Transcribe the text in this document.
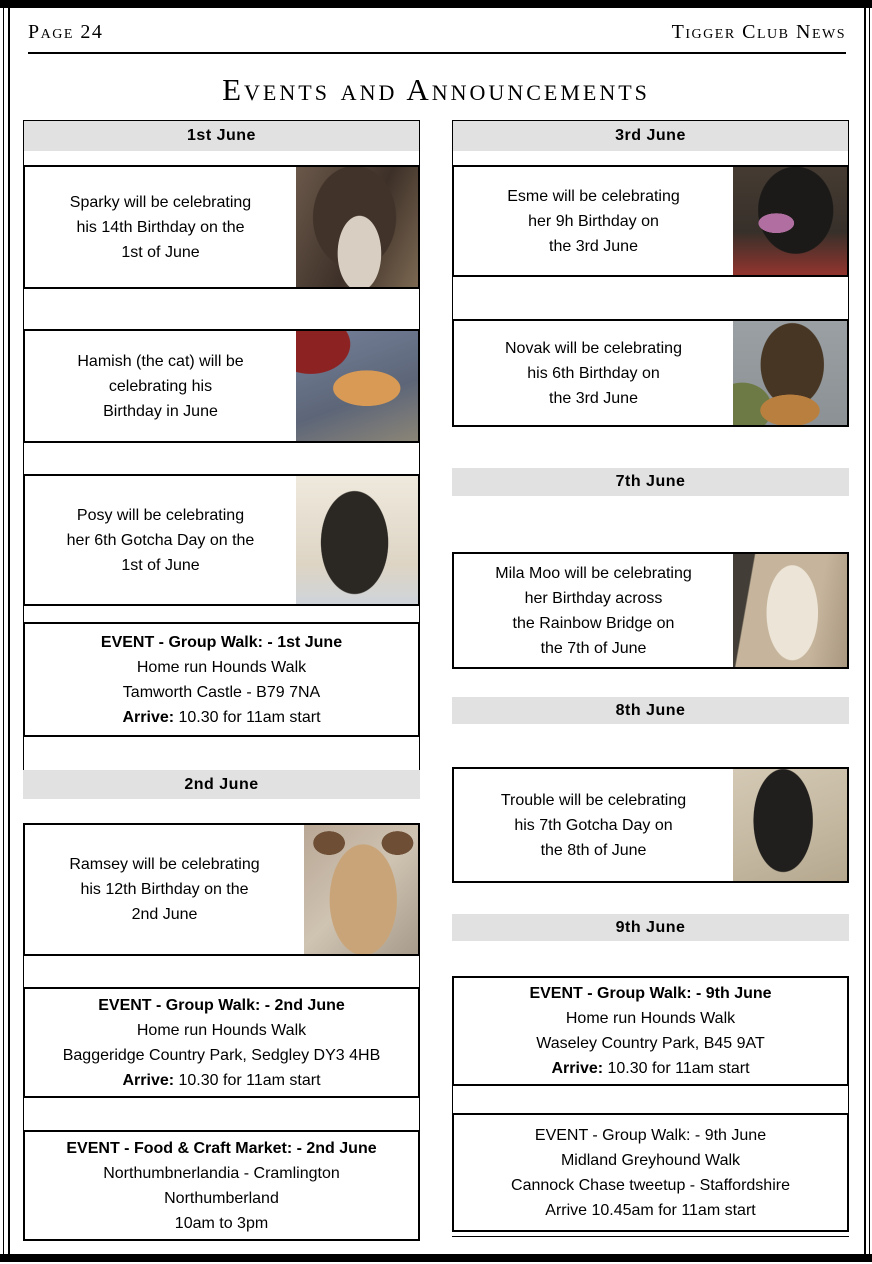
Page 24	Tigger Club News
Events and Announcements
1st June
Sparky will be celebrating
his 14th Birthday on the
1st of June
Hamish (the cat) will be
celebrating his
Birthday in June
Posy will be celebrating
her 6th Gotcha Day on the
1st of June
EVENT - Group Walk: - 1st June
Home run Hounds Walk
Tamworth Castle - B79 7NA
Arrive: 10.30 for 11am start
2nd June
Ramsey will be celebrating
his 12th Birthday on the
2nd June
EVENT - Group Walk: - 2nd June
Home run Hounds Walk
Baggeridge Country Park, Sedgley DY3 4HB
Arrive: 10.30 for 11am start
EVENT - Food & Craft Market: - 2nd June
Northumbnerlandia - Cramlington
Northumberland
10am to 3pm
3rd June
Esme will be celebrating
her 9h Birthday on
the 3rd June
Novak will be celebrating
his 6th Birthday on
the 3rd June
7th June
Mila Moo will be celebrating
her Birthday across
the Rainbow Bridge on
the 7th of June
8th June
Trouble will be celebrating
his 7th Gotcha Day on
the 8th of June
9th June
EVENT - Group Walk: - 9th June
Home run Hounds Walk
Waseley Country Park, B45 9AT
Arrive: 10.30 for 11am start
EVENT - Group Walk: - 9th June
Midland Greyhound Walk
Cannock Chase tweetup - Staffordshire
Arrive 10.45am for 11am start
